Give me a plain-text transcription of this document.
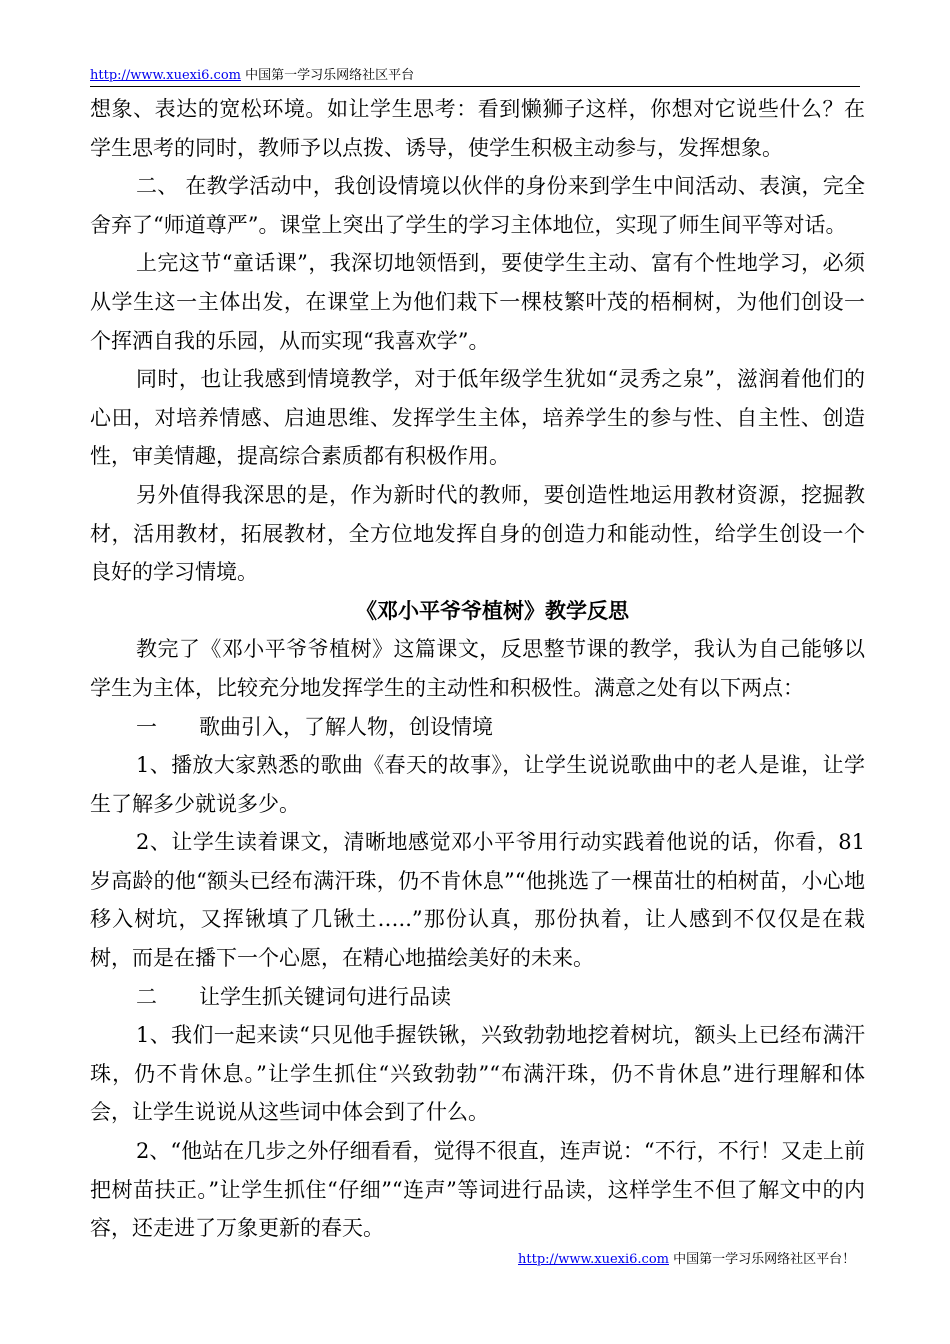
http://www.xuexi6.com 中国第一学习乐网络社区平台

想象、表达的宽松环境。如让学生思考：看到懒狮子这样，你想对它说些什么？在学生思考的同时，教师予以点拨、诱导，使学生积极主动参与，发挥想象。

二、 在教学活动中，我创设情境以伙伴的身份来到学生中间活动、表演，完全舍弃了“师道尊严”。课堂上突出了学生的学习主体地位，实现了师生间平等对话。

上完这节“童话课”，我深切地领悟到，要使学生主动、富有个性地学习，必须从学生这一主体出发，在课堂上为他们栽下一棵枝繁叶茂的梧桐树，为他们创设一个挥洒自我的乐园，从而实现“我喜欢学”。

同时，也让我感到情境教学，对于低年级学生犹如“灵秀之泉”，滋润着他们的心田，对培养情感、启迪思维、发挥学生主体，培养学生的参与性、自主性、创造性，审美情趣，提高综合素质都有积极作用。

另外值得我深思的是，作为新时代的教师，要创造性地运用教材资源，挖掘教材，活用教材，拓展教材，全方位地发挥自身的创造力和能动性，给学生创设一个良好的学习情境。

《邓小平爷爷植树》教学反思

教完了《邓小平爷爷植树》这篇课文，反思整节课的教学，我认为自己能够以学生为主体，比较充分地发挥学生的主动性和积极性。满意之处有以下两点：

一　　歌曲引入，了解人物，创设情境

1、播放大家熟悉的歌曲《春天的故事》，让学生说说歌曲中的老人是谁，让学生了解多少就说多少。

2、让学生读着课文，清晰地感觉邓小平爷用行动实践着他说的话，你看，81岁高龄的他“额头已经布满汗珠，仍不肯休息”“他挑选了一棵苗壮的柏树苗，小心地移入树坑，又挥锹填了几锹土…..”那份认真，那份执着，让人感到不仅仅是在栽树，而是在播下一个心愿，在精心地描绘美好的未来。

二　　让学生抓关键词句进行品读

1、我们一起来读“只见他手握铁锹，兴致勃勃地挖着树坑，额头上已经布满汗珠，仍不肯休息。”让学生抓住“兴致勃勃”“布满汗珠，仍不肯休息”进行理解和体会，让学生说说从这些词中体会到了什么。

2、“他站在几步之外仔细看看，觉得不很直，连声说：“不行，不行！又走上前把树苗扶正。”让学生抓住“仔细”“连声”等词进行品读，这样学生不但了解文中的内容，还走进了万象更新的春天。

http://www.xuexi6.com 中国第一学习乐网络社区平台！
